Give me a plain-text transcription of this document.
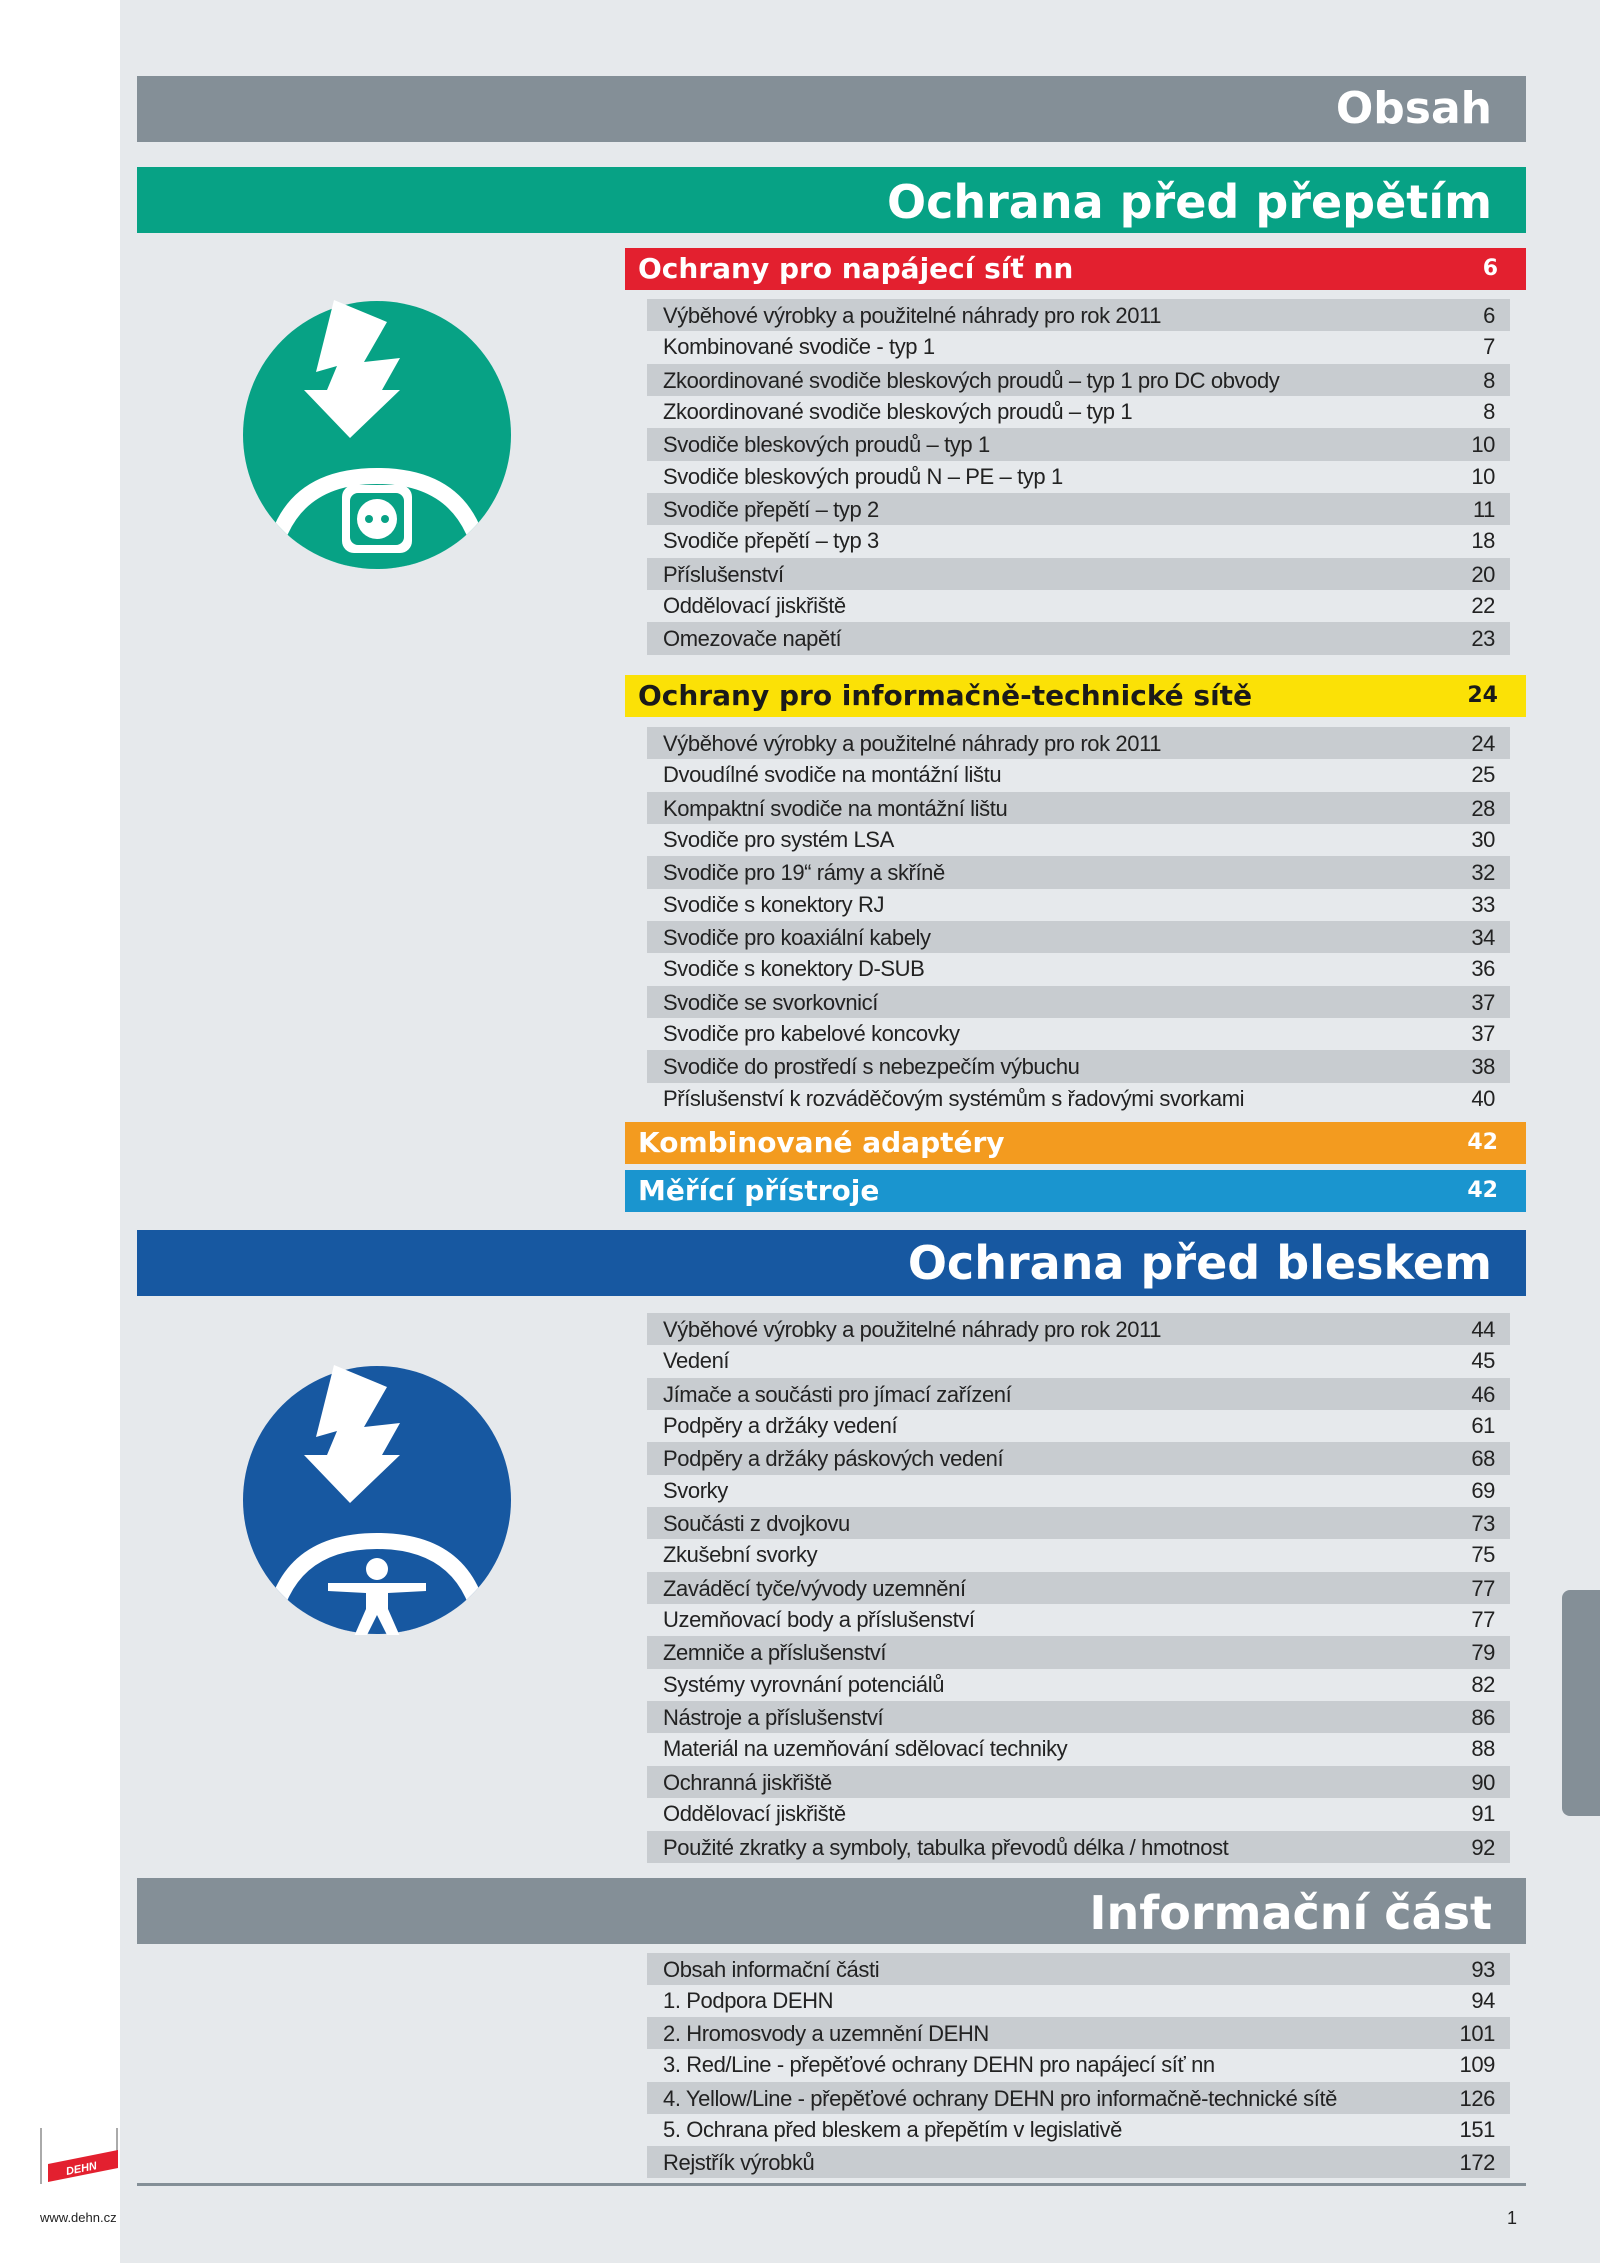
Obsah
Ochrana před přepětím
Ochrany pro napájecí síť nn	6
Výběhové výrobky a použitelné náhrady pro rok 2011	6
Kombinované svodiče - typ 1	7
Zkoordinované svodiče bleskových proudů – typ 1 pro DC obvody	8
Zkoordinované svodiče bleskových proudů – typ 1	8
Svodiče bleskových proudů – typ 1	10
Svodiče bleskových proudů N – PE – typ 1	10
Svodiče přepětí – typ 2	11
Svodiče přepětí – typ 3	18
Příslušenství	20
Oddělovací jiskřiště	22
Omezovače napětí	23
Ochrany pro informačně-technické sítě	24
Výběhové výrobky a použitelné náhrady pro rok 2011	24
Dvoudílné svodiče na montážní lištu	25
Kompaktní svodiče na montážní lištu	28
Svodiče pro systém LSA	30
Svodiče pro 19“ rámy a skříně	32
Svodiče s konektory RJ	33
Svodiče pro koaxiální kabely	34
Svodiče s konektory D-SUB	36
Svodiče se svorkovnicí	37
Svodiče pro kabelové koncovky	37
Svodiče do prostředí s nebezpečím výbuchu	38
Příslušenství k rozváděčovým systémům s řadovými svorkami	40
Kombinované adaptéry	42
Měřící přístroje	42
Ochrana před bleskem
Výběhové výrobky a použitelné náhrady pro rok 2011	44
Vedení	45
Jímače a součásti pro jímací zařízení	46
Podpěry a držáky vedení	61
Podpěry a držáky páskových vedení	68
Svorky	69
Součásti z dvojkovu	73
Zkušební svorky	75
Zaváděcí tyče/vývody uzemnění	77
Uzemňovací body a příslušenství	77
Zemniče a příslušenství	79
Systémy vyrovnání potenciálů	82
Nástroje a příslušenství	86
Materiál na uzemňování sdělovací techniky	88
Ochranná jiskřiště	90
Oddělovací jiskřiště	91
Použité zkratky a symboly, tabulka převodů délka / hmotnost	92
Informační část
Obsah informační části	93
1. Podpora DEHN	94
2. Hromosvody a uzemnění DEHN	101
3. Red/Line - přepěťové ochrany DEHN pro napájecí síť nn	109
4. Yellow/Line - přepěťové ochrany DEHN pro informačně-technické sítě	126
5. Ochrana před bleskem a přepětím v legislativě	151
Rejstřík výrobků	172
1
DEHN
www.dehn.cz
